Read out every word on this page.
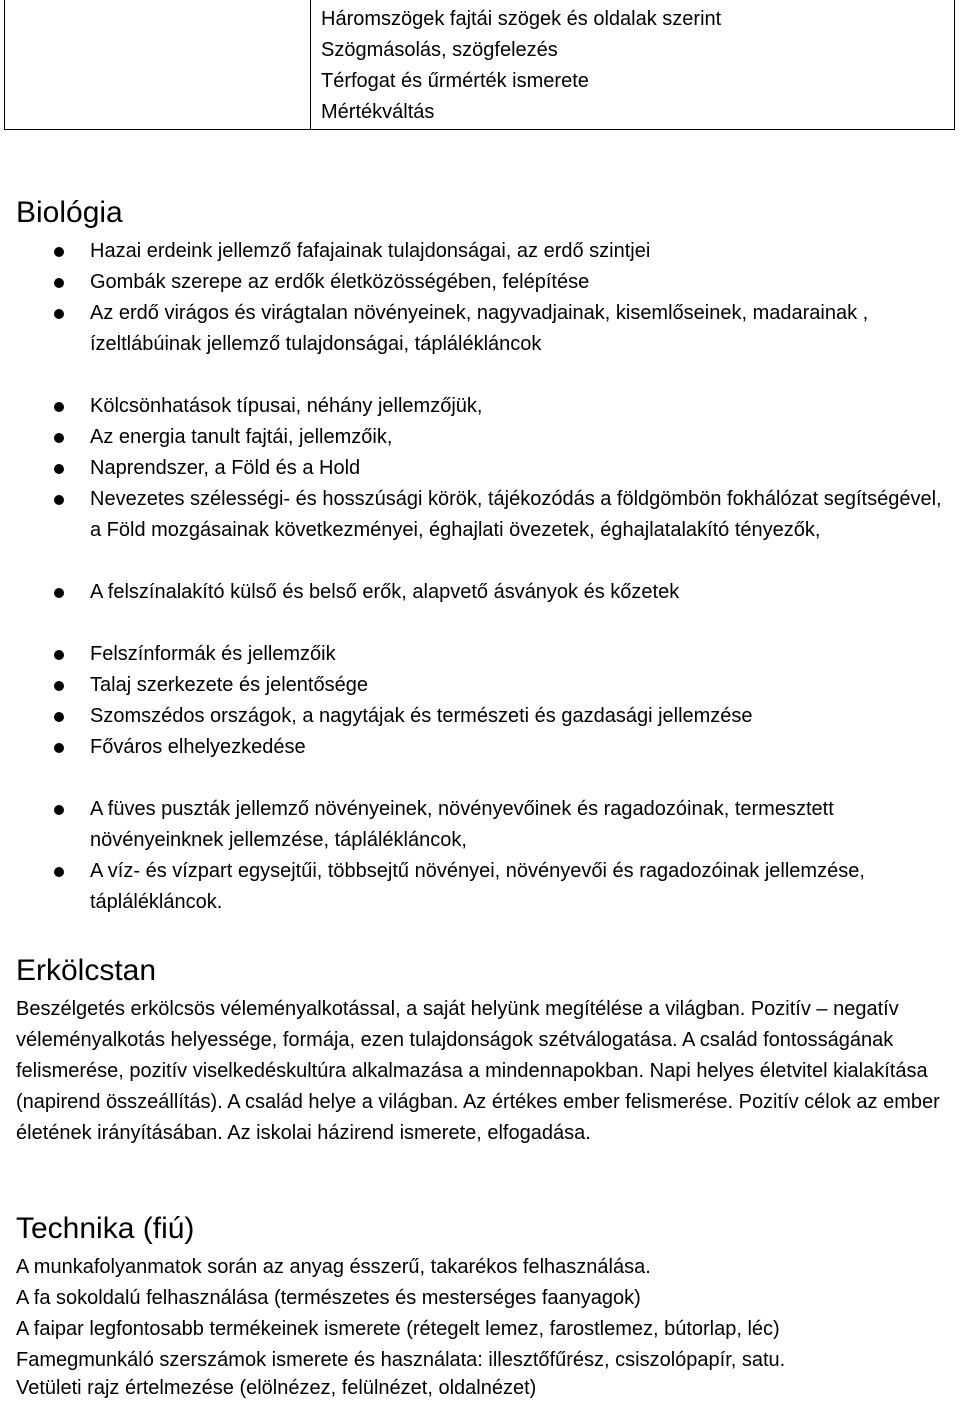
Háromszögek fajtái szögek és oldalak szerint
Szögmásolás, szögfelezés
Térfogat és űrmérték ismerete
Mértékváltás
Biológia
Hazai erdeink jellemző fafajainak tulajdonságai, az erdő szintjei
Gombák szerepe az erdők életközösségében, felépítése
Az erdő virágos és virágtalan növényeinek, nagyvadjainak, kisemlőseinek, madarainak , ízeltlábúinak jellemző tulajdonságai, táplálékláncok
Kölcsönhatások típusai, néhány jellemzőjük,
Az energia tanult fajtái, jellemzőik,
Naprendszer, a Föld és a Hold
Nevezetes szélességi- és hosszúsági körök, tájékozódás a földgömbön fokhálózat segítségével, a Föld mozgásainak következményei, éghajlati övezetek, éghajlatalakító tényezők,
A felszínalakító külső és belső erők, alapvető ásványok és kőzetek
Felszínformák és jellemzőik
Talaj szerkezete és jelentősége
Szomszédos országok, a nagytájak és természeti és gazdasági jellemzése
Főváros elhelyezkedése
A füves puszták jellemző növényeinek, növényevőinek és ragadozóinak, termesztett növényeinknek jellemzése, táplálékláncok,
A víz- és vízpart egysejtűi, többsejtű növényei, növényevői és ragadozóinak jellemzése, táplálékláncok.
Erkölcstan
Beszélgetés erkölcsös véleményalkotással, a saját helyünk megítélése a világban. Pozitív – negatív véleményalkotás helyessége, formája, ezen tulajdonságok szétválogatása. A család fontosságának felismerése, pozitív viselkedéskultúra alkalmazása a mindennapokban. Napi helyes életvitel kialakítása (napirend összeállítás). A család helye a világban. Az értékes ember felismerése. Pozitív célok az ember életének irányításában. Az iskolai házirend ismerete, elfogadása.
Technika (fiú)
A munkafolyanmatok során az anyag ésszerű, takarékos felhasználása.
A fa sokoldalú felhasználása (természetes és mesterséges faanyagok)
A faipar legfontosabb termékeinek ismerete (rétegelt lemez, farostlemez, bútorlap, léc)
Famegmunkáló szerszámok ismerete és használata: illesztőfűrész, csiszolópapír, satu.
Vetületi rajz értelmezése (elölnézez, felülnézet, oldalnézet)
